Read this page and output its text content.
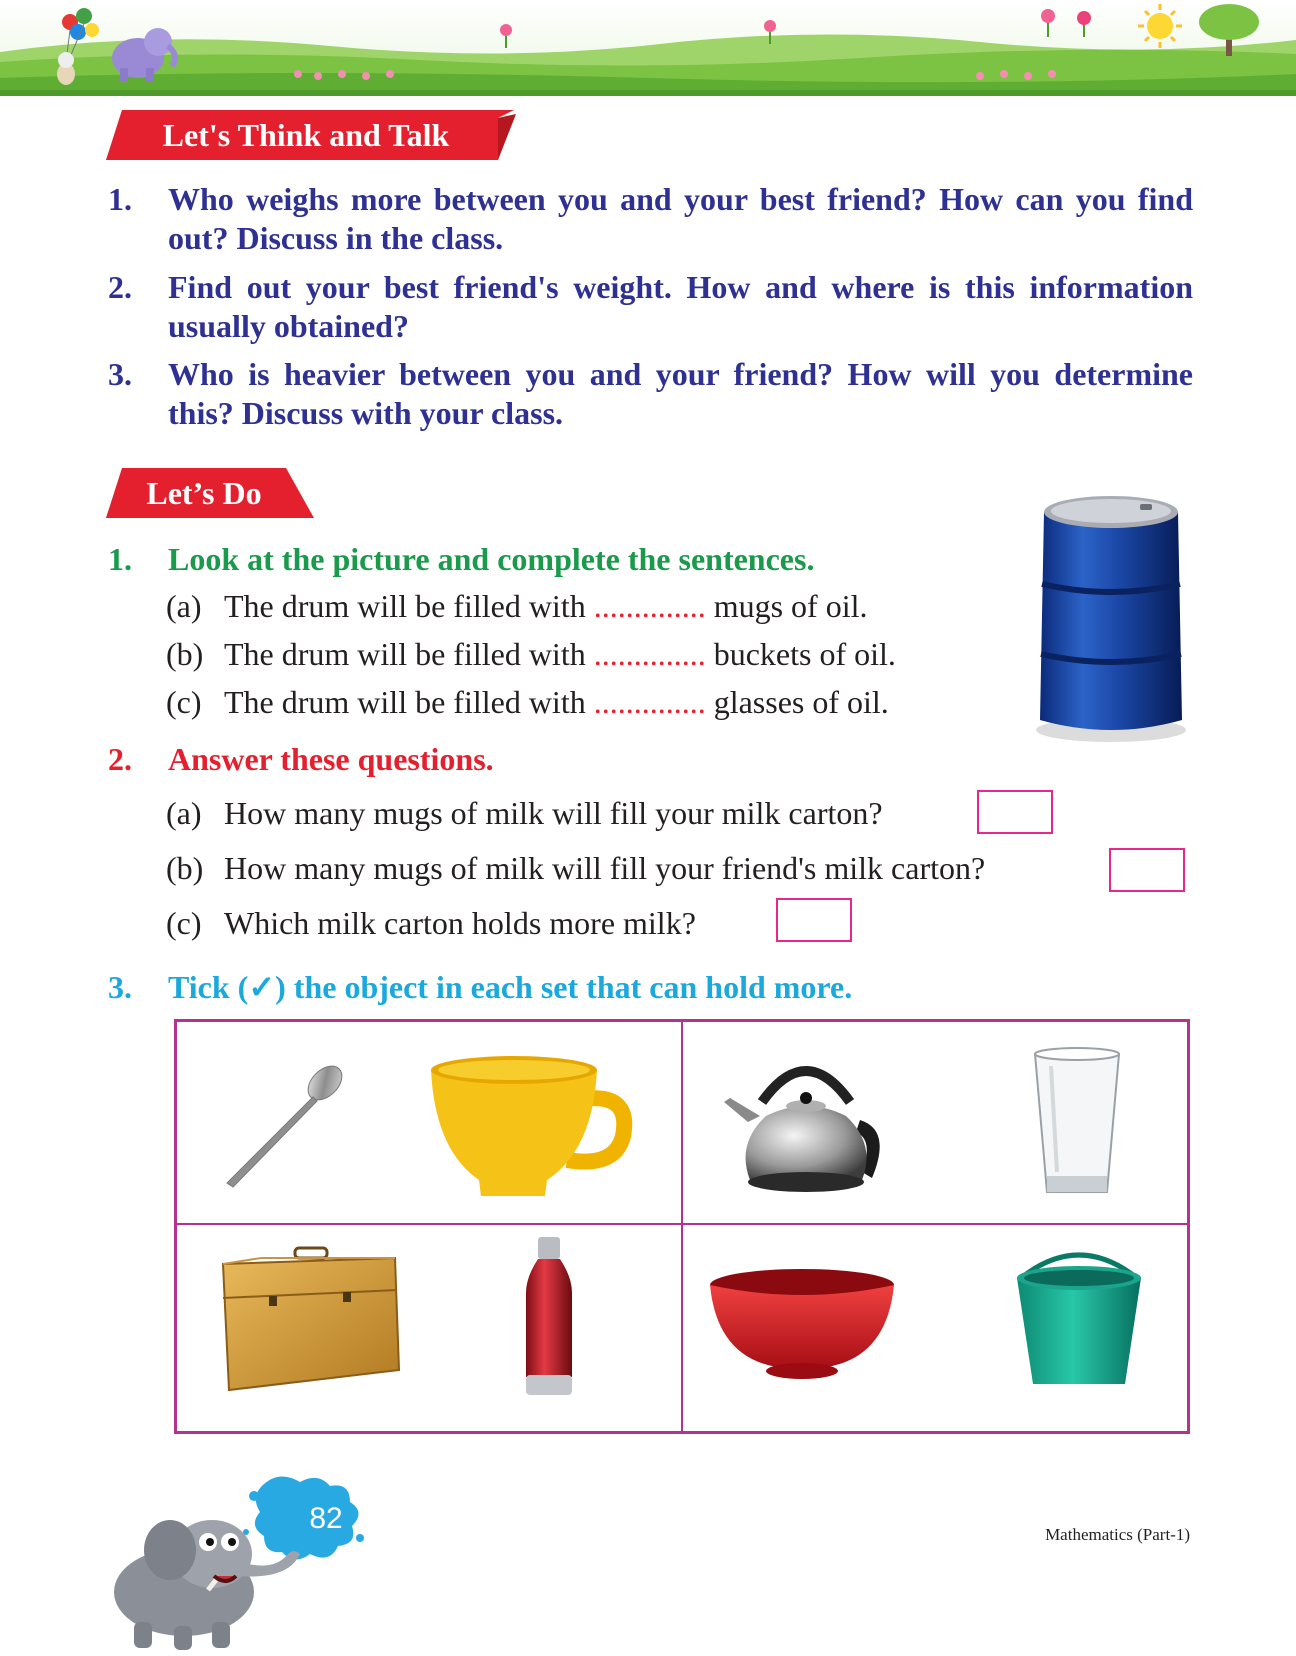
Let's Think and Talk
1. Who weighs more between you and your best friend? How can you find out? Discuss in the class.
2. Find out your best friend's weight. How and where is this information usually obtained?
3. Who is heavier between you and your friend? How will you determine this? Discuss with your class.
Let’s Do
1. Look at the picture and complete the sentences.
(a) The drum will be filled with .............. mugs of oil.
(b) The drum will be filled with .............. buckets of oil.
(c) The drum will be filled with .............. glasses of oil.
2. Answer these questions.
(a) How many mugs of milk will fill your milk carton?
(b) How many mugs of milk will fill your friend's milk carton?
(c) Which milk carton holds more milk?
3. Tick (✓) the object in each set that can hold more.
82	Mathematics (Part-1)
